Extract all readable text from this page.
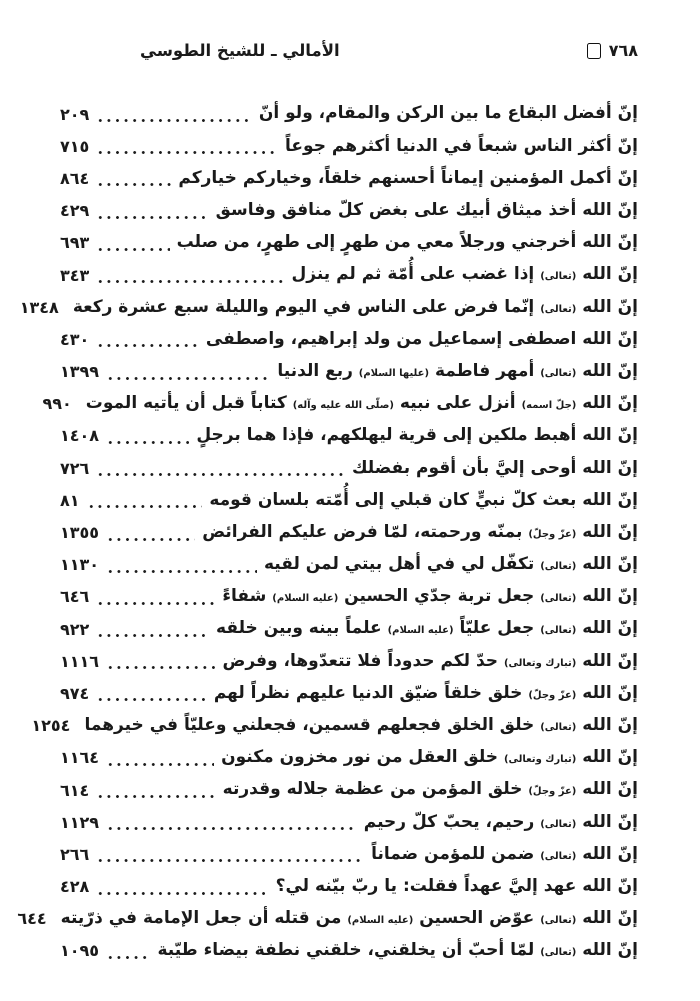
٧٦٨
الأمالي ـ للشيخ الطوسي
إنّ أفضل البقاع ما بين الركن والمقام، ولو أنّ
٢٠٩
إنّ أكثر الناس شبعاً في الدنيا أكثرهم جوعاً
٧١٥
إنّ أكمل المؤمنين إيماناً أحسنهم خلقاً، وخياركم خياركم
٨٦٤
إنّ الله أخذ ميثاق أبيك على بغض كلّ منافق وفاسق
٤٢٩
إنّ الله أخرجني ورجلاً معي من طهرٍ إلى طهرٍ، من صلب
٦٩٣
إنّ الله (تعالى) إذا غضب على أُمّة ثم لم ينزل
٣٤٣
إنّ الله (تعالى) إنّما فرض على الناس في اليوم والليلة سبع عشرة ركعة
١٣٤٨
إنّ الله اصطفى إسماعيل من ولد إبراهيم، واصطفى
٤٣٠
إنّ الله (تعالى) أمهر فاطمة (عليها السلام) ربع الدنيا
١٣٩٩
إنّ الله (جلّ اسمه) أنزل على نبيه (صلّى الله عليه وآله) كتاباً قبل أن يأتيه الموت
٩٩٠
إنّ الله أهبط ملكين إلى قرية ليهلكهم، فإذا هما برجلٍ
١٤٠٨
إنّ الله أوحى إليَّ بأن أقوم بفضلك
٧٢٦
إنّ الله بعث كلّ نبيٍّ كان قبلي إلى أُمّته بلسان قومه
٨١
إنّ الله (عزّ وجلّ) بمنّه ورحمته، لمّا فرض عليكم الفرائض
١٣٥٥
إنّ الله (تعالى) تكفّل لي في أهل بيتي لمن لقيه
١١٣٠
إنّ الله (تعالى) جعل تربة جدّي الحسين (عليه السلام) شفاءً
٦٤٦
إنّ الله (تعالى) جعل عليّاً (عليه السلام) علماً بينه وبين خلقه
٩٢٢
إنّ الله (تبارك وتعالى) حدّ لكم حدوداً فلا تتعدّوها، وفرض
١١١٦
إنّ الله (عزّ وجلّ) خلق خلقاً ضيّق الدنيا عليهم نظراً لهم
٩٧٤
إنّ الله (تعالى) خلق الخلق فجعلهم قسمين، فجعلني وعليّاً في خيرهما
١٢٥٤
إنّ الله (تبارك وتعالى) خلق العقل من نور مخزون مكنون
١١٦٤
إنّ الله (عزّ وجلّ) خلق المؤمن من عظمة جلاله وقدرته
٦١٤
إنّ الله (تعالى) رحيم، يحبّ كلّ رحيم
١١٢٩
إنّ الله (تعالى) ضمن للمؤمن ضماناً
٢٦٦
إنّ الله عهد إليَّ عهداً فقلت: يا ربّ بيّنه لي؟
٤٢٨
إنّ الله (تعالى) عوّض الحسين (عليه السلام) من قتله أن جعل الإمامة في ذرّيته
٦٤٤
إنّ الله (تعالى) لمّا أحبّ أن يخلقني، خلقني نطفة بيضاء طيّبة
١٠٩٥
